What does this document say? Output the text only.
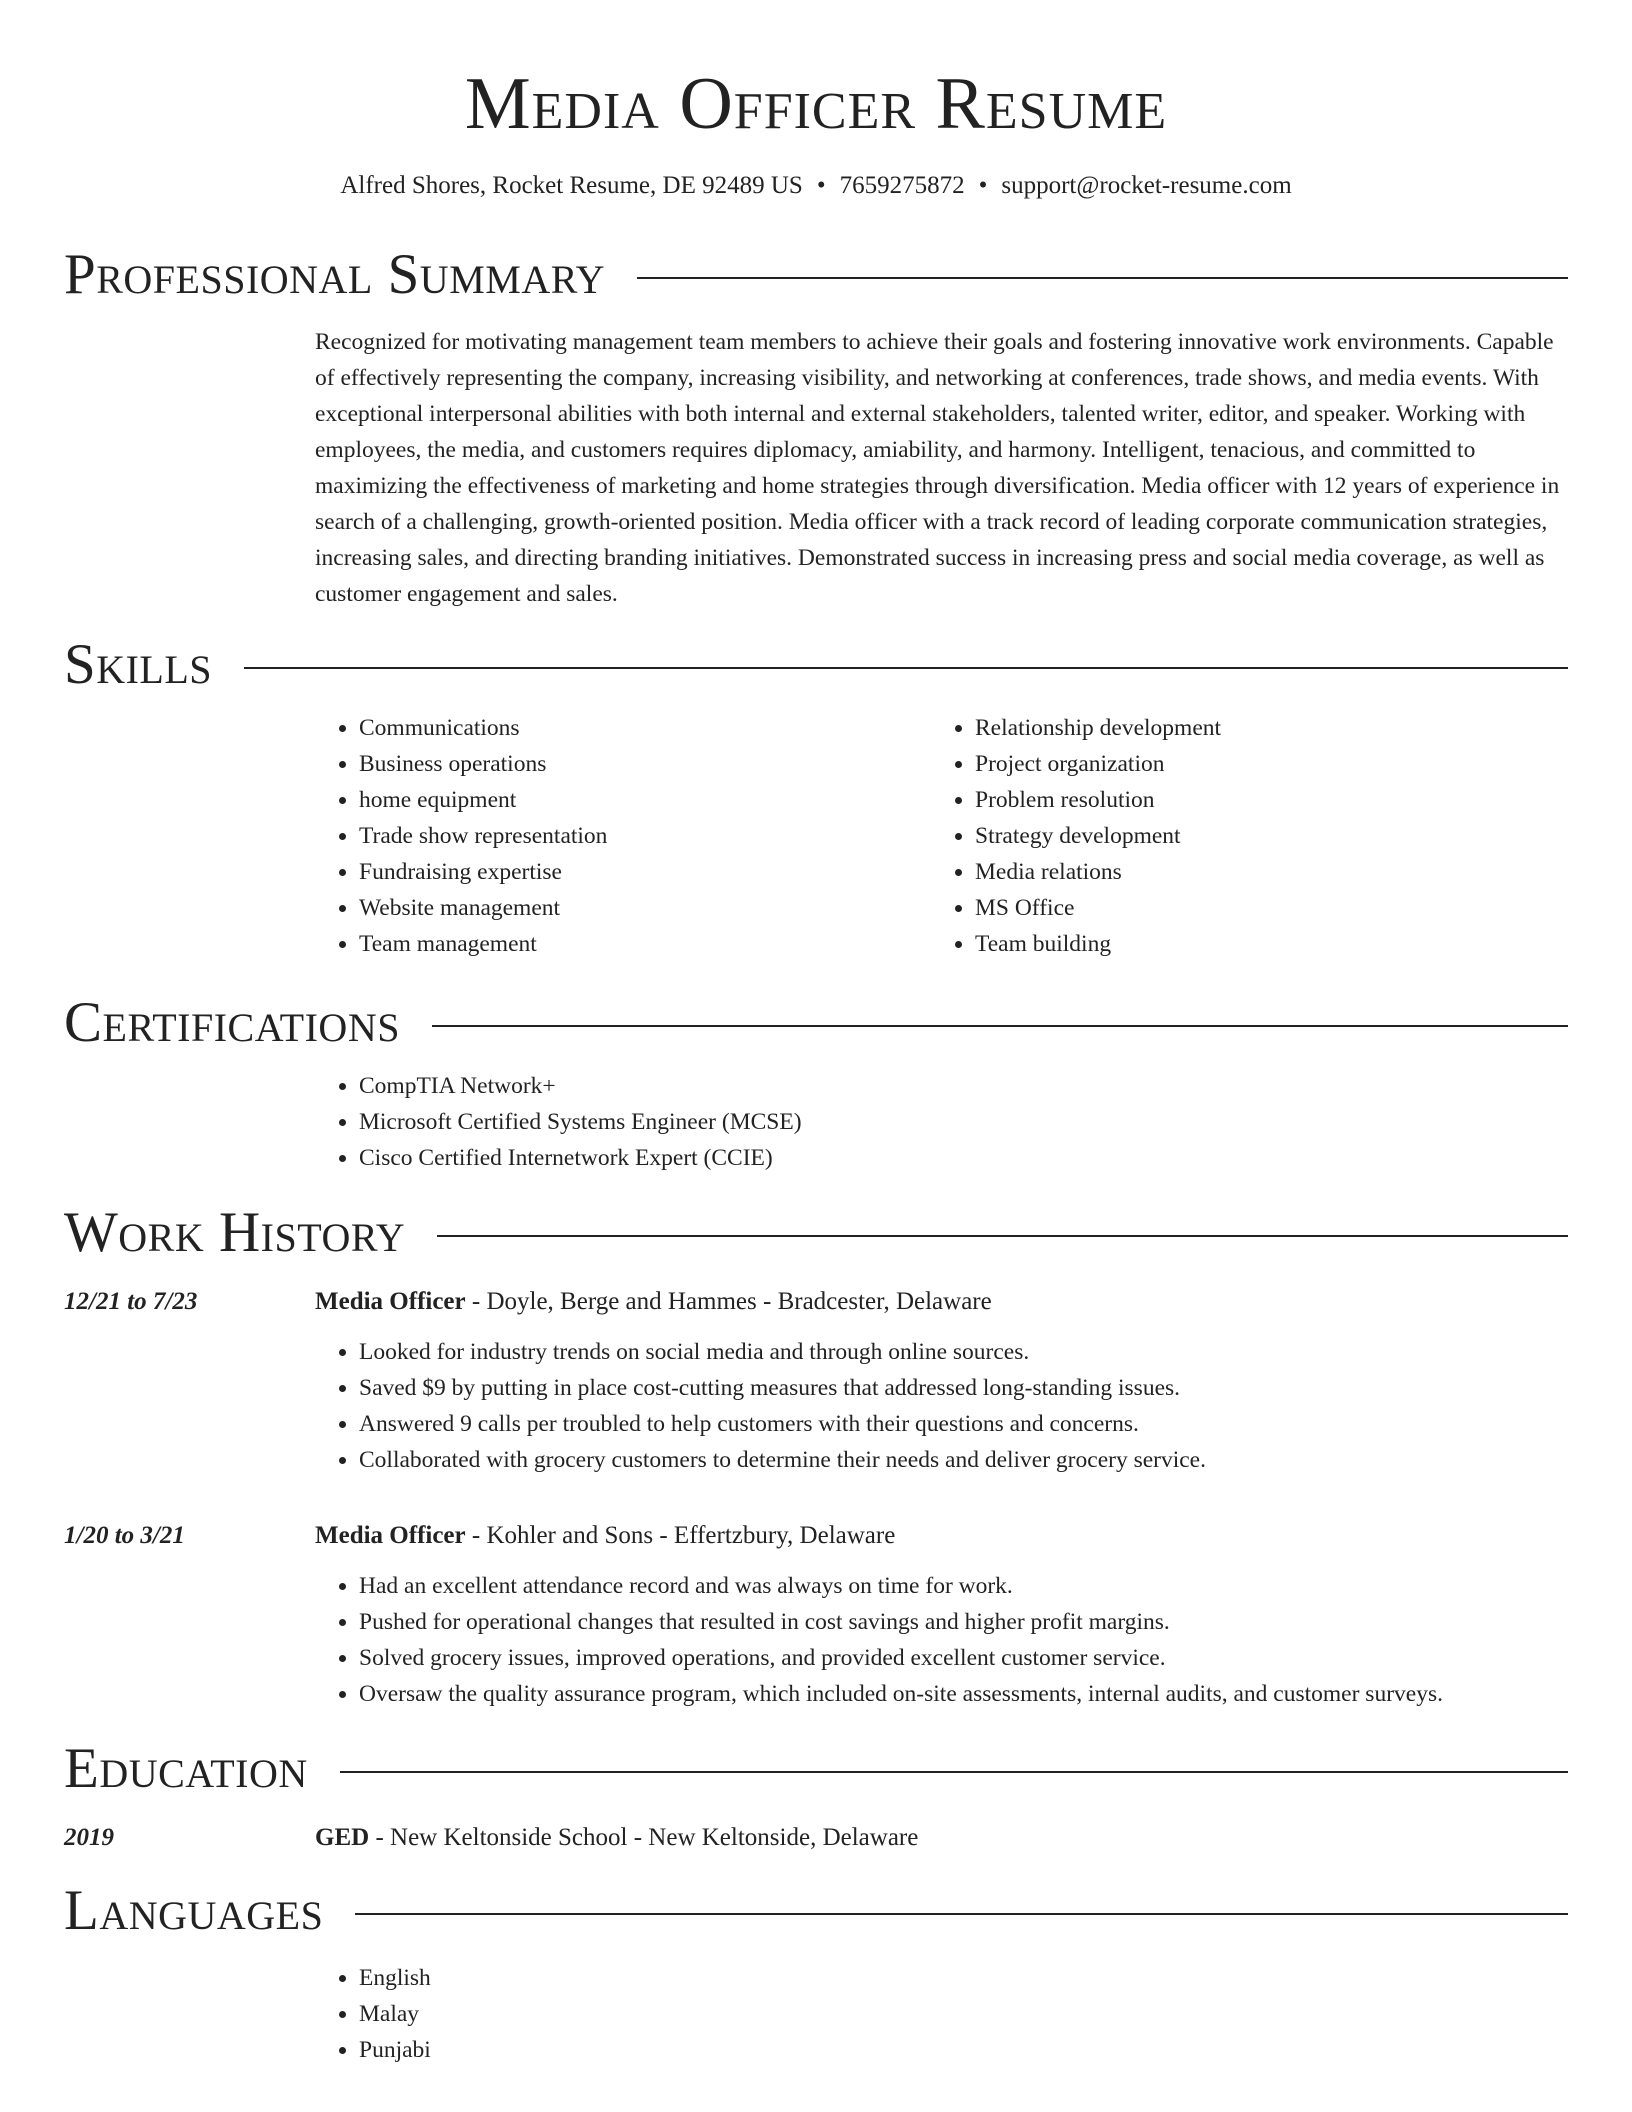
Media Officer Resume
Alfred Shores, Rocket Resume, DE 92489 US • 7659275872 • support@rocket-resume.com
Professional Summary
Recognized for motivating management team members to achieve their goals and fostering innovative work environments. Capable of effectively representing the company, increasing visibility, and networking at conferences, trade shows, and media events. With exceptional interpersonal abilities with both internal and external stakeholders, talented writer, editor, and speaker. Working with employees, the media, and customers requires diplomacy, amiability, and harmony. Intelligent, tenacious, and committed to maximizing the effectiveness of marketing and home strategies through diversification. Media officer with 12 years of experience in search of a challenging, growth-oriented position. Media officer with a track record of leading corporate communication strategies, increasing sales, and directing branding initiatives. Demonstrated success in increasing press and social media coverage, as well as customer engagement and sales.
Skills
• Communications
• Business operations
• home equipment
• Trade show representation
• Fundraising expertise
• Website management
• Team management
• Relationship development
• Project organization
• Problem resolution
• Strategy development
• Media relations
• MS Office
• Team building
Certifications
• CompTIA Network+
• Microsoft Certified Systems Engineer (MCSE)
• Cisco Certified Internetwork Expert (CCIE)
Work History
12/21 to 7/23	Media Officer - Doyle, Berge and Hammes - Bradcester, Delaware
• Looked for industry trends on social media and through online sources.
• Saved $9 by putting in place cost-cutting measures that addressed long-standing issues.
• Answered 9 calls per troubled to help customers with their questions and concerns.
• Collaborated with grocery customers to determine their needs and deliver grocery service.
1/20 to 3/21	Media Officer - Kohler and Sons - Effertzbury, Delaware
• Had an excellent attendance record and was always on time for work.
• Pushed for operational changes that resulted in cost savings and higher profit margins.
• Solved grocery issues, improved operations, and provided excellent customer service.
• Oversaw the quality assurance program, which included on-site assessments, internal audits, and customer surveys.
Education
2019	GED - New Keltonside School - New Keltonside, Delaware
Languages
• English
• Malay
• Punjabi
